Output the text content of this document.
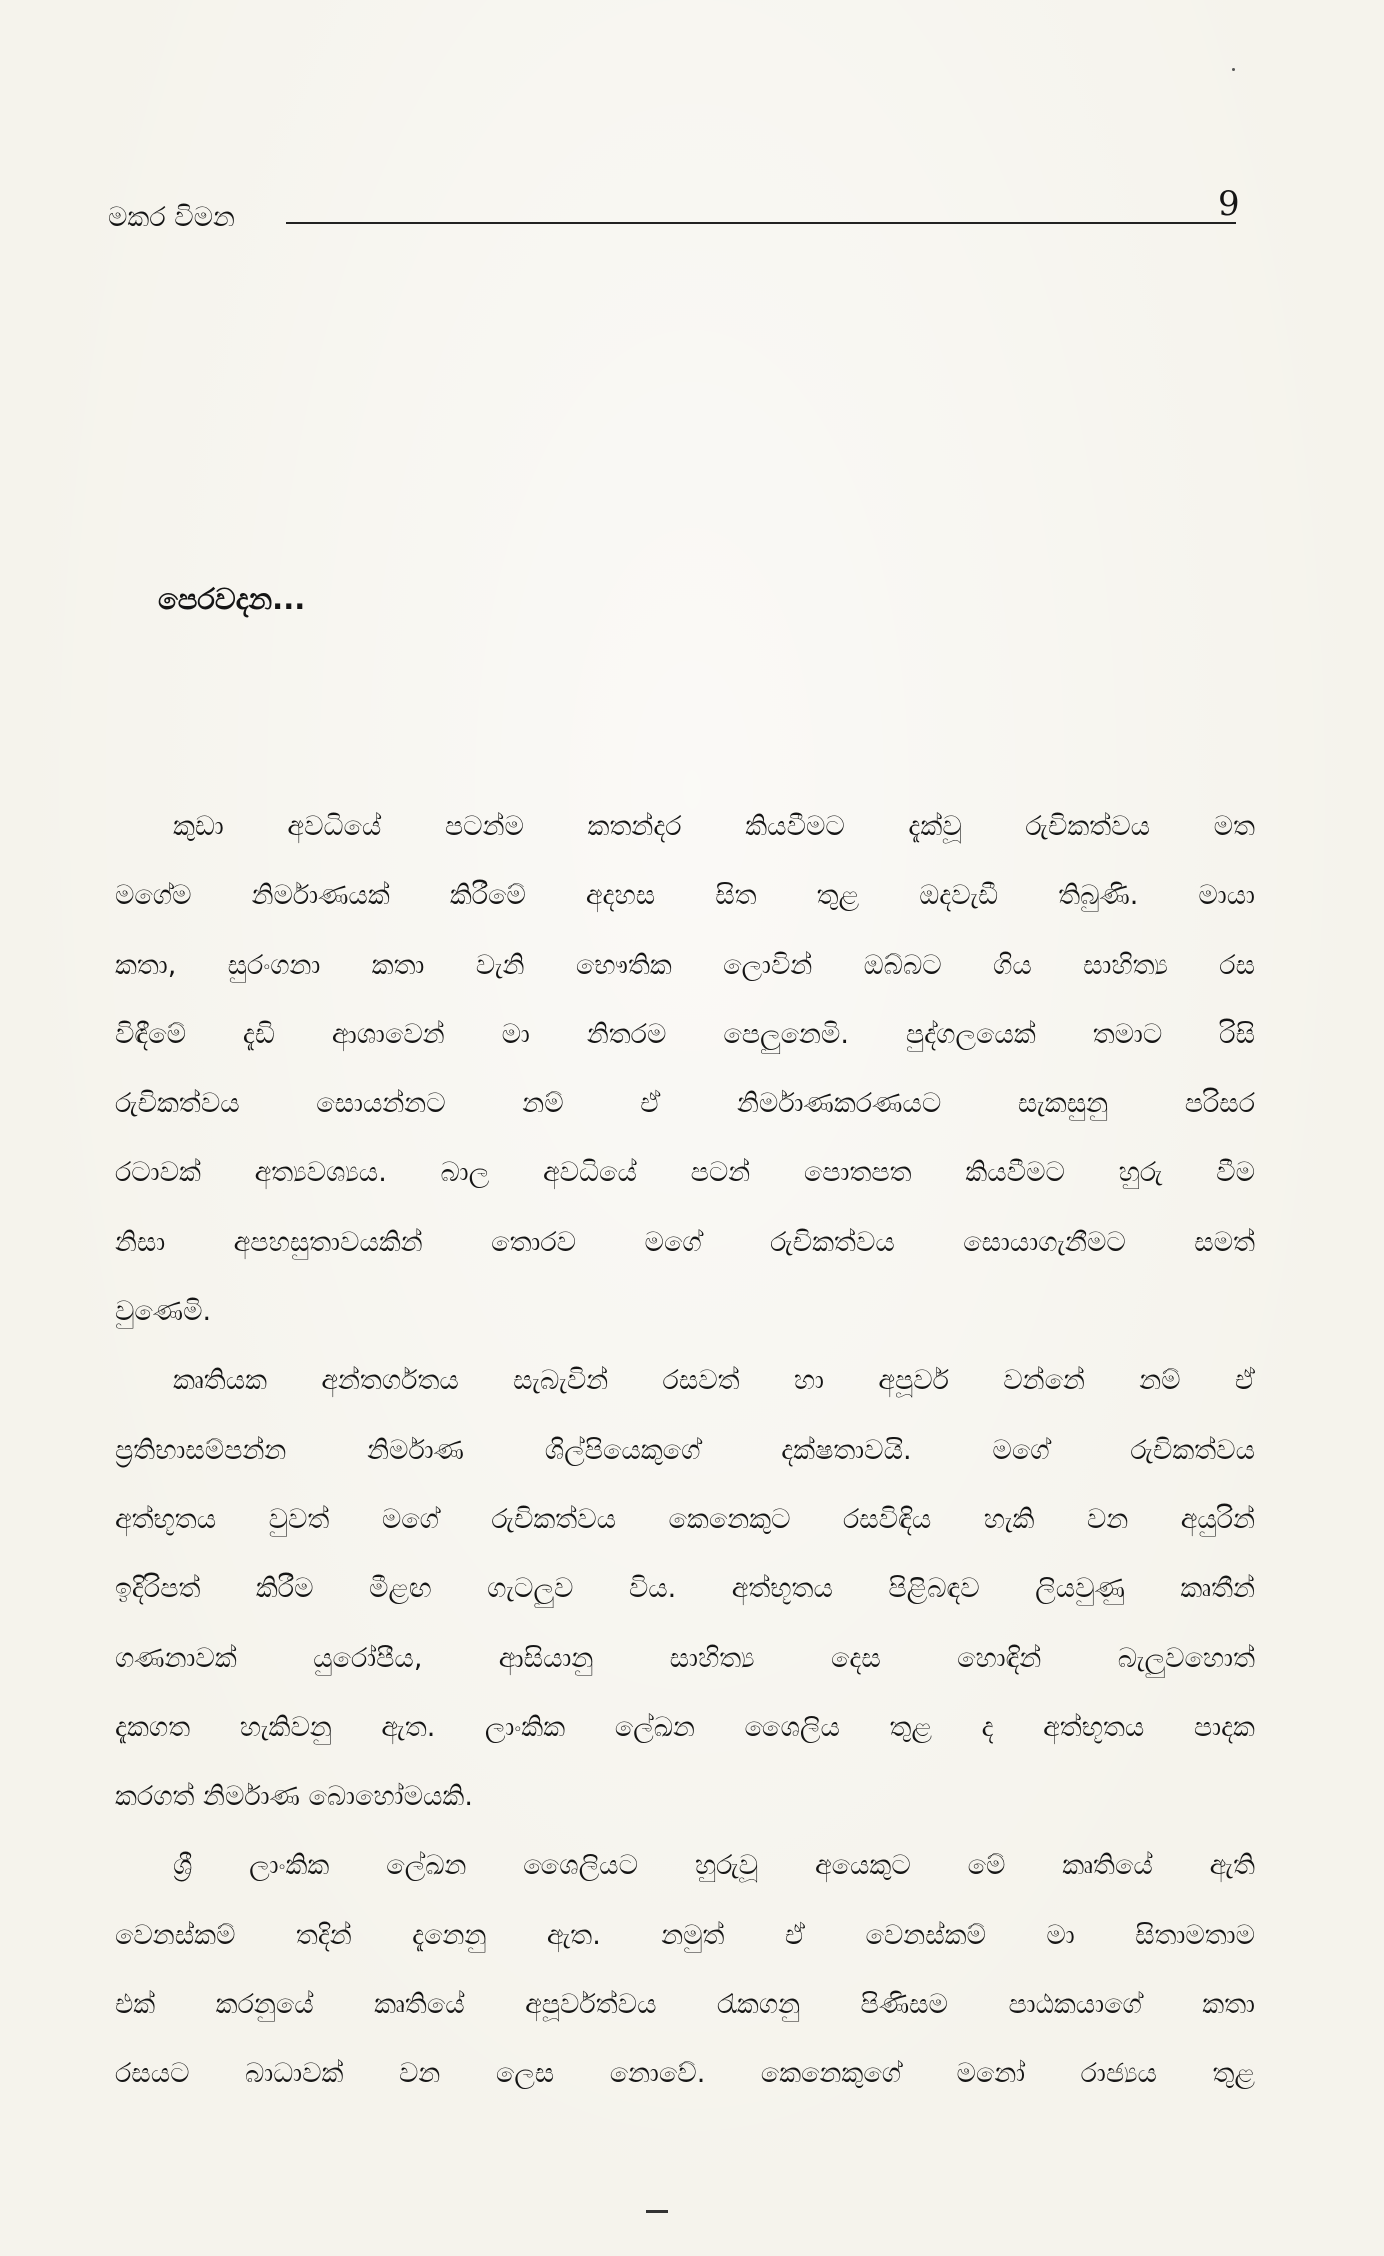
මකර විමන	9
පෙරවදන...
කුඩා අවධියේ පටන්ම කතන්දර කියවීමට දැක්වූ රුචිකත්වය මත
මගේම නිර්මාණයක් කිරීමේ අදහස සිත තුළ ඔදවැඩී තිබුණි. මායා
කතා, සුරංගනා කතා වැනි භෞතික ලොවින් ඔබ්බට ගිය සාහිත්‍ය රස
විඳීමේ දැඩි ආශාවෙන් මා නිතරම පෙලුනෙමි. පුද්ගලයෙක් තමාට රිසි
රුචිකත්වය සොයන්නට නම් ඒ නිර්මාණකරණයට සැකසුනු පරිසර
රටාවක් අත්‍යවශ්‍යය. බාල අවධියේ පටන් පොතපත කියවීමට හුරු වීම
නිසා අපහසුතාවයකින් තොරව මගේ රුචිකත්වය සොයාගැනීමට සමත්
වුණෙමි.
කෘතියක අන්තර්ගතය සැබැවින් රසවත් හා අපූර්ව වන්නේ නම් ඒ
ප්‍රතිභාසම්පන්න නිර්මාණ ශිල්පියෙකුගේ දක්ෂතාවයි. මගේ රුචිකත්වය
අත්භූතය වුවත් මගේ රුචිකත්වය කෙනෙකුට රසවිඳිය හැකි වන අයුරින්
ඉදිරිපත් කිරීම මීළඟ ගැටලුව විය. අත්භූතය පිළිබඳව ලියවුණු කෘතීන්
ගණනාවක් යුරෝපීය, ආසියානු සාහිත්‍ය දෙස හොඳින් බැලුවහොත්
දැකගත හැකිවනු ඇත. ලාංකික ලේඛන ශෛලිය තුළ ද අත්භූතය පාදක
කරගත් නිර්මාණ බොහෝමයකි.
ශ්‍රී ලාංකික ලේඛන ශෛලියට හුරුවූ අයෙකුට මේ කෘතියේ ඇති
වෙනස්කම් තදින් දැනෙනු ඇත. නමුත් ඒ වෙනස්කම් මා සිතාමතාම
එක් කරනුයේ කෘතියේ අපූර්වත්වය රැකගනු පිණිසම පාඨකයාගේ කතා
රසයට බාධාවක් වන ලෙස නොවේ. කෙනෙකුගේ මනෝ රාජ්‍යය තුළ
